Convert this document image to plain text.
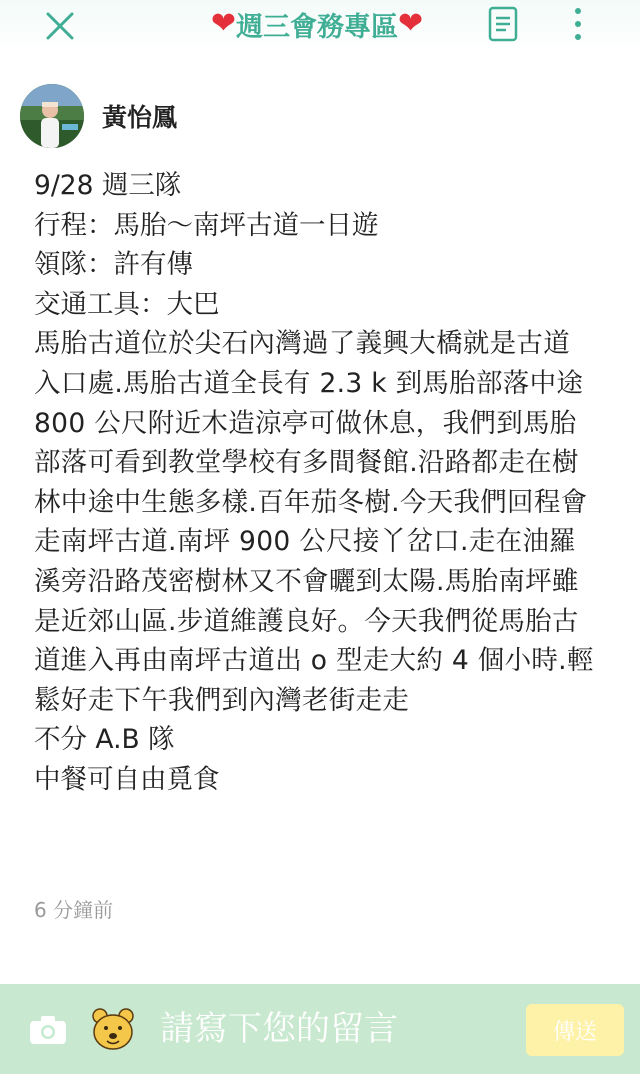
❤ 週三會務專區 ❤
黃怡鳳

9/28 週三隊

行程：馬胎～南坪古道一日遊

領隊：許有傳

交通工具：大巴

馬胎古道位於尖石內灣過了義興大橋就是古道入口處.馬胎古道全長有 2.3 k 到馬胎部落中途 800 公尺附近木造涼亭可做休息，我們到馬胎部落可看到教堂學校有多間餐館.沿路都走在樹林中途中生態多樣.百年茄冬樹.今天我們回程會走南坪古道.南坪 900 公尺接丫岔口.走在油羅溪旁沿路茂密樹林又不會曬到太陽.馬胎南坪雖是近郊山區.步道維護良好。今天我們從馬胎古道進入再由南坪古道出 o 型走大約 4 個小時.輕鬆好走下午我們到內灣老街走走

不分 A.B 隊

中餐可自由覓食

6 分鐘前
請寫下您的留言
傳送
